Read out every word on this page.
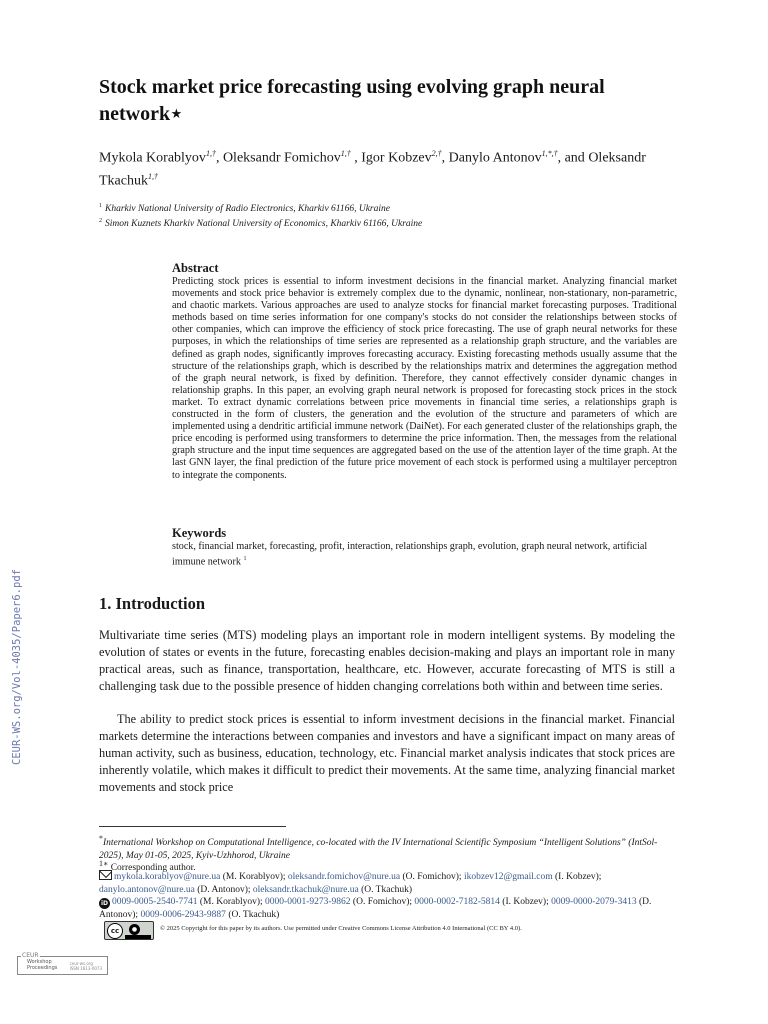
CEUR-WS.org/Vol-4035/Paper6.pdf
Stock market price forecasting using evolving graph neural network⋆
Mykola Korablyov$^{1,\dagger}$, Oleksandr Fomichov$^{1,\dagger}$ , Igor Kobzev$^{2,\dagger}$, Danylo Antonov$^{1,*,\dagger}$, and Oleksandr Tkachuk$^{1,\dagger}$
$^1$ Kharkiv National University of Radio Electronics, Kharkiv 61166, Ukraine
$^2$ Simon Kuznets Kharkiv National University of Economics, Kharkiv 61166, Ukraine
Abstract
Predicting stock prices is essential to inform investment decisions in the financial market. Analyzing financial market movements and stock price behavior is extremely complex due to the dynamic, nonlinear, non-stationary, non-parametric, and chaotic markets. Various approaches are used to analyze stocks for financial market forecasting purposes. Traditional methods based on time series information for one company's stocks do not consider the relationships between stocks of other companies, which can improve the efficiency of stock price forecasting. The use of graph neural networks for these purposes, in which the relationships of time series are represented as a relationship graph structure, and the variables are defined as graph nodes, significantly improves forecasting accuracy. Existing forecasting methods usually assume that the structure of the relationships graph, which is described by the relationships matrix and determines the aggregation method of the graph neural network, is fixed by definition. Therefore, they cannot effectively consider dynamic changes in relationship graphs. In this paper, an evolving graph neural network is proposed for forecasting stock prices in the stock market. To extract dynamic correlations between price movements in financial time series, a relationships graph is constructed in the form of clusters, the generation and the evolution of the structure and parameters of which are implemented using a dendritic artificial immune network (DaiNet). For each generated cluster of the relationships graph, the price encoding is performed using transformers to determine the price information. Then, the messages from the relational graph structure and the input time sequences are aggregated based on the use of the attention layer of the time graph. At the last GNN layer, the final prediction of the future price movement of each stock is performed using a multilayer perceptron to integrate the components.
Keywords
stock, financial market, forecasting, profit, interaction, relationships graph, evolution, graph neural network, artificial immune network $^1$
1. Introduction
Multivariate time series (MTS) modeling plays an important role in modern intelligent systems. By modeling the evolution of states or events in the future, forecasting enables decision-making and plays an important role in many practical areas, such as finance, transportation, healthcare, etc. However, accurate forecasting of MTS is still a challenging task due to the possible presence of hidden changing correlations both within and between time series.
The ability to predict stock prices is essential to inform investment decisions in the financial market. Financial markets determine the interactions between companies and investors and have a significant impact on many areas of human activity, such as business, education, technology, etc. Financial market analysis indicates that stock prices are inherently volatile, which makes it difficult to predict their movements. At the same time, analyzing financial market movements and stock price
*International Workshop on Computational Intelligence, co-located with the IV International Scientific Symposium “Intelligent Solutions” (IntSol-2025), May 01-05, 2025, Kyiv-Uzhhorod, Ukraine
$^{1∗}$ Corresponding author.
mykola.korablyov@nure.ua (M. Korablyov); oleksandr.fomichov@nure.ua (O. Fomichov); ikobzev12@gmail.com (I. Kobzev); danylo.antonov@nure.ua (D. Antonov); oleksandr.tkachuk@nure.ua (O. Tkachuk)
iD 0009-0005-2540-7741 (M. Korablyov); 0000-0001-9273-9862 (O. Fomichov); 0000-0002-7182-5814 (I. Kobzev); 0009-0000-2079-3413 (D. Antonov); 0009-0006-2943-9887 (O. Tkachuk)
cc	●	© 2025 Copyright for this paper by its authors. Use permitted under Creative Commons License Attribution 4.0 International (CC BY 4.0).
CEUR
Workshop
Proceedings
ceur-ws.org
ISSN 1613-0073
